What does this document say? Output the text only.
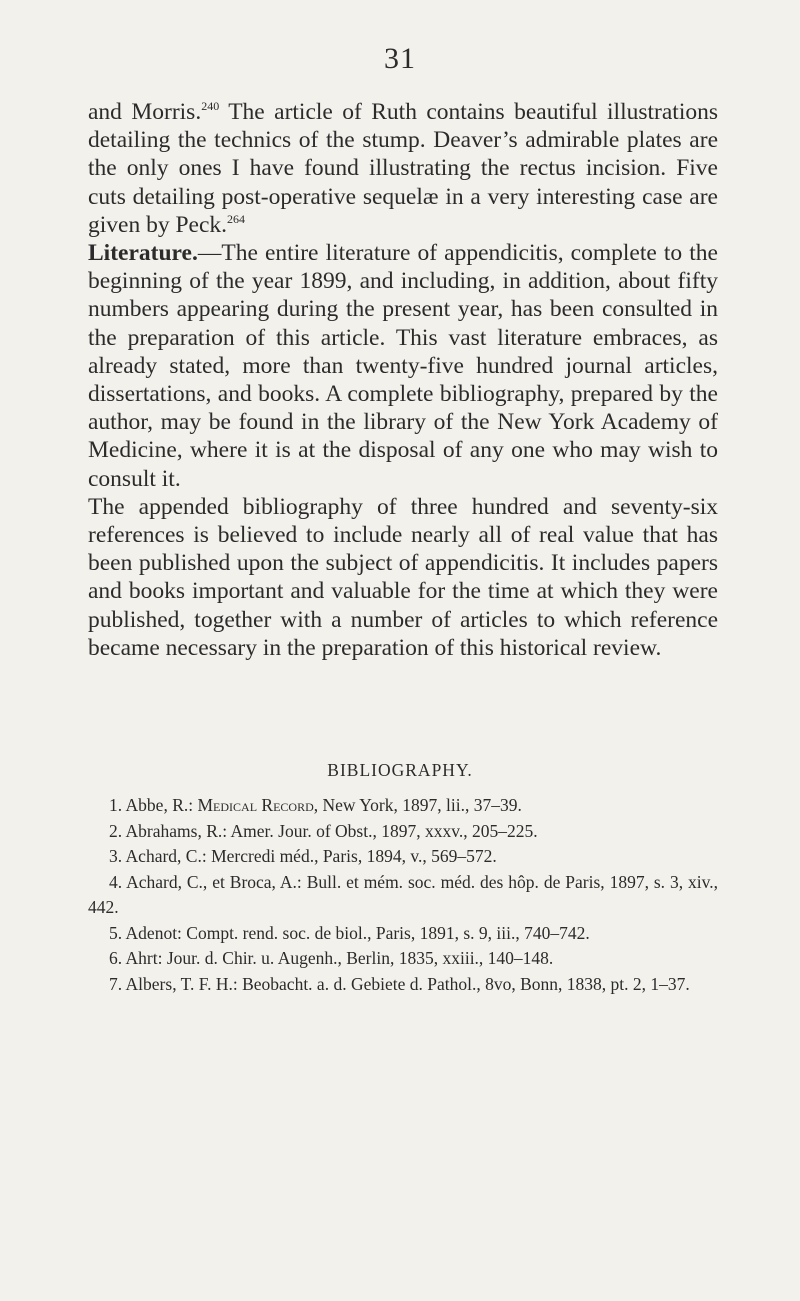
31

and Morris.$^{240}$ The article of Ruth contains beautiful illustrations detailing the technics of the stump. Deaver’s admirable plates are the only ones I have found illustrating the rectus incision. Five cuts detailing post-operative sequelæ in a very interesting case are given by Peck.$^{264}$

Literature.—The entire literature of appendicitis, complete to the beginning of the year 1899, and including, in addition, about fifty numbers appearing during the present year, has been consulted in the preparation of this article. This vast literature embraces, as already stated, more than twenty-five hundred journal articles, dissertations, and books. A complete bibliography, prepared by the author, may be found in the library of the New York Academy of Medicine, where it is at the disposal of any one who may wish to consult it.

The appended bibliography of three hundred and seventy-six references is believed to include nearly all of real value that has been published upon the subject of appendicitis. It includes papers and books important and valuable for the time at which they were published, together with a number of articles to which reference became necessary in the preparation of this historical review.

BIBLIOGRAPHY.
1. Abbe, R.: Medical Record, New York, 1897, lii., 37–39.
2. Abrahams, R.: Amer. Jour. of Obst., 1897, xxxv., 205–225.
3. Achard, C.: Mercredi méd., Paris, 1894, v., 569–572.
4. Achard, C., et Broca, A.: Bull. et mém. soc. méd. des hôp. de Paris, 1897, s. 3, xiv., 442.
5. Adenot: Compt. rend. soc. de biol., Paris, 1891, s. 9, iii., 740–742.
6. Ahrt: Jour. d. Chir. u. Augenh., Berlin, 1835, xxiii., 140–148.
7. Albers, T. F. H.: Beobacht. a. d. Gebiete d. Pathol., 8vo, Bonn, 1838, pt. 2, 1–37.
